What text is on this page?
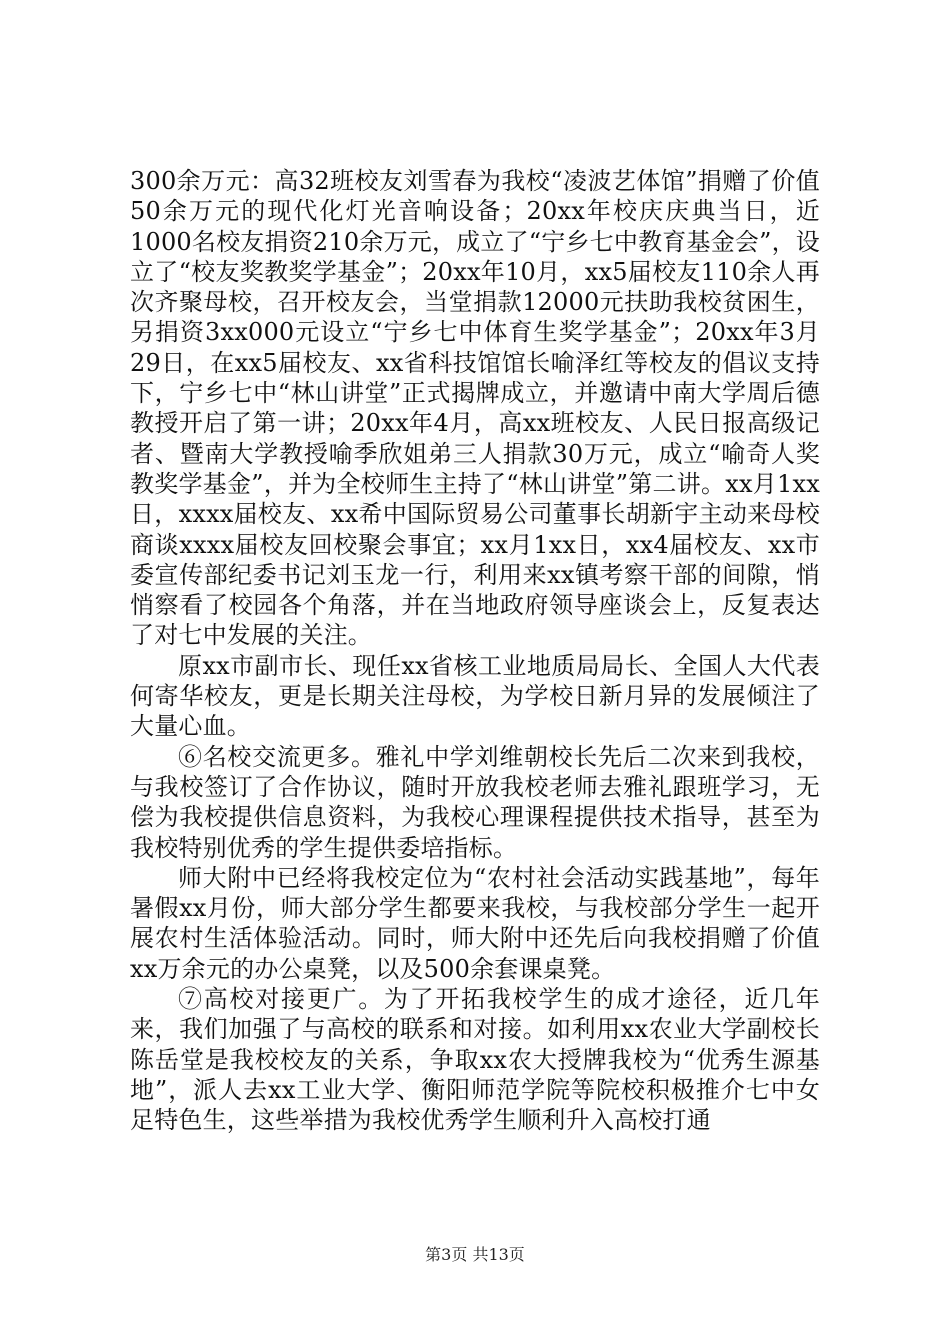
300余万元：高32班校友刘雪春为我校“凌波艺体馆”捐赠了价值50余万元的现代化灯光音响设备；20xx年校庆庆典当日，近1000名校友捐资210余万元，成立了“宁乡七中教育基金会”，设立了“校友奖教奖学基金”；20xx年10月，xx5届校友110余人再次齐聚母校，召开校友会，当堂捐款12000元扶助我校贫困生，另捐资3xx000元设立“宁乡七中体育生奖学基金”；20xx年3月29日，在xx5届校友、xx省科技馆馆长喻泽红等校友的倡议支持下，宁乡七中“林山讲堂”正式揭牌成立，并邀请中南大学周后德教授开启了第一讲；20xx年4月，高xx班校友、人民日报高级记者、暨南大学教授喻季欣姐弟三人捐款30万元，成立“喻奇人奖教奖学基金”，并为全校师生主持了“林山讲堂”第二讲。xx月1xx日，xxxx届校友、xx希中国际贸易公司董事长胡新宇主动来母校商谈xxxx届校友回校聚会事宜；xx月1xx日，xx4届校友、xx市委宣传部纪委书记刘玉龙一行，利用来xx镇考察干部的间隙，悄悄察看了校园各个角落，并在当地政府领导座谈会上，反复表达了对七中发展的关注。

原xx市副市长、现任xx省核工业地质局局长、全国人大代表何寄华校友，更是长期关注母校，为学校日新月异的发展倾注了大量心血。

⑥名校交流更多。雅礼中学刘维朝校长先后二次来到我校，与我校签订了合作协议，随时开放我校老师去雅礼跟班学习，无偿为我校提供信息资料，为我校心理课程提供技术指导，甚至为我校特别优秀的学生提供委培指标。

师大附中已经将我校定位为“农村社会活动实践基地”，每年暑假xx月份，师大部分学生都要来我校，与我校部分学生一起开展农村生活体验活动。同时，师大附中还先后向我校捐赠了价值xx万余元的办公桌凳，以及500余套课桌凳。

⑦高校对接更广。为了开拓我校学生的成才途径，近几年来，我们加强了与高校的联系和对接。如利用xx农业大学副校长陈岳堂是我校校友的关系，争取xx农大授牌我校为“优秀生源基地”，派人去xx工业大学、衡阳师范学院等院校积极推介七中女足特色生，这些举措为我校优秀学生顺利升入高校打通

第3页 共13页
